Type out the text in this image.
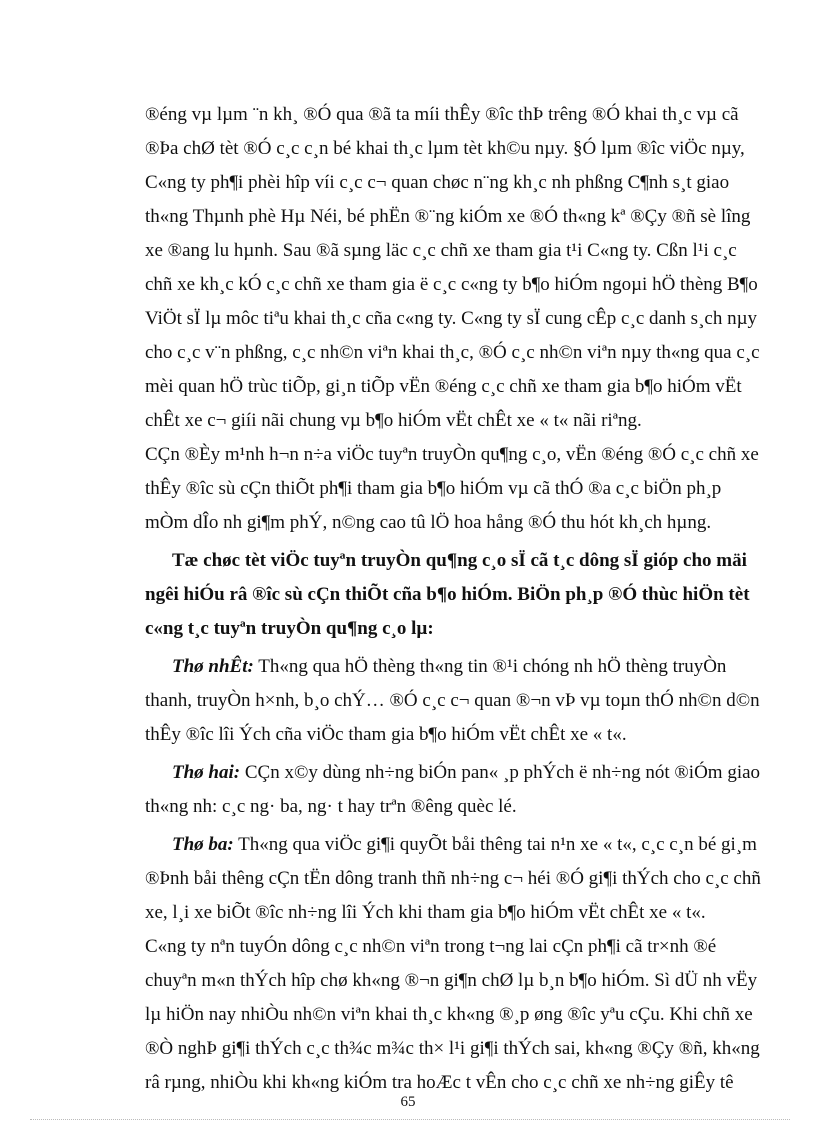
®éng vµ lµm ¨n kh¸ ®Ó qua ®ã ta míi thÊy ®îc thÞ trêng ®Ó khai th¸c vµ cã
®Þa chØ tèt ®Ó c¸c c¸n bé khai th¸c lµm tèt kh©u nµy. §Ó lµm ®îc viÖc nµy,
C«ng ty ph¶i phèi hîp víi c¸c c¬ quan chøc n¨ng kh¸c nh phßng C¶nh s¸t giao
th«ng Thµnh phè Hµ Néi, bé phËn ®¨ng kiÓm xe ®Ó th«ng kª ®Çy ®ñ sè lîng
xe ®ang lu hµnh. Sau ®ã sµng läc c¸c chñ xe tham gia t¹i C«ng ty. Cßn l¹i c¸c
chñ xe kh¸c kÓ c¸c chñ xe tham gia ë c¸c c«ng ty b¶o hiÓm ngoµi hÖ thèng B¶o
ViÖt sÏ lµ môc tiªu khai th¸c cña c«ng ty. C«ng ty sÏ cung cÊp c¸c danh s¸ch nµy
cho c¸c v¨n phßng, c¸c nh©n viªn khai th¸c, ®Ó c¸c nh©n viªn nµy th«ng qua c¸c
mèi quan hÖ trùc tiÕp, gi¸n tiÕp vËn ®éng c¸c chñ xe tham gia b¶o hiÓm vËt
chÊt xe c¬ giíi nãi chung vµ b¶o hiÓm vËt chÊt xe « t« nãi riªng.
CÇn ®Èy m¹nh h¬n n÷a viÖc tuyªn truyÒn qu¶ng c¸o, vËn ®éng ®Ó c¸c chñ xe
thÊy ®îc sù cÇn thiÕt ph¶i tham gia b¶o hiÓm vµ cã thÓ ®a c¸c biÖn ph¸p
mÒm dÎo nh gi¶m phÝ, n©ng cao tû lÖ hoa hång ®Ó thu hót kh¸ch hµng.
Tæ chøc tèt viÖc tuyªn truyÒn qu¶ng c¸o sÏ cã t¸c dông sÏ gióp cho mäi
ngêi hiÓu râ ®îc sù cÇn thiÕt cña b¶o hiÓm. BiÖn ph¸p ®Ó thùc hiÖn tèt
c«ng t¸c tuyªn truyÒn qu¶ng c¸o lµ:
Thø nhÊt: Th«ng qua hÖ thèng th«ng tin ®¹i chóng nh hÖ thèng truyÒn
thanh, truyÒn h×nh, b¸o chÝ… ®Ó c¸c c¬ quan ®¬n vÞ vµ toµn thÓ nh©n d©n
thÊy ®îc lîi Ých cña viÖc tham gia b¶o hiÓm vËt chÊt xe « t«.
Thø hai: CÇn x©y dùng nh÷ng biÓn pan« ¸p phÝch ë nh÷ng nót ®iÓm giao
th«ng nh: c¸c ng· ba, ng· t hay trªn ®êng quèc lé.
Thø ba: Th«ng qua viÖc gi¶i quyÕt båi thêng tai n¹n xe « t«, c¸c c¸n bé gi¸m
®Þnh båi thêng cÇn tËn dông tranh thñ nh÷ng c¬ héi ®Ó gi¶i thÝch cho c¸c chñ
xe, l¸i xe biÕt ®îc nh÷ng lîi Ých khi tham gia b¶o hiÓm vËt chÊt xe « t«.
C«ng ty nªn tuyÓn dông c¸c nh©n viªn trong t¬ng lai cÇn ph¶i cã tr×nh ®é
chuyªn m«n thÝch hîp chø kh«ng ®¬n gi¶n chØ lµ b¸n b¶o hiÓm. Sì dÜ nh vËy
lµ hiÖn nay nhiÒu nh©n viªn khai th¸c kh«ng ®¸p øng ®îc yªu cÇu. Khi chñ xe
®Ò nghÞ gi¶i thÝch c¸c th¾c m¾c th× l¹i gi¶i thÝch sai, kh«ng ®Çy ®ñ, kh«ng
râ rµng, nhiÒu khi kh«ng kiÓm tra hoÆc t vÊn cho c¸c chñ xe nh÷ng giÊy tê
65
